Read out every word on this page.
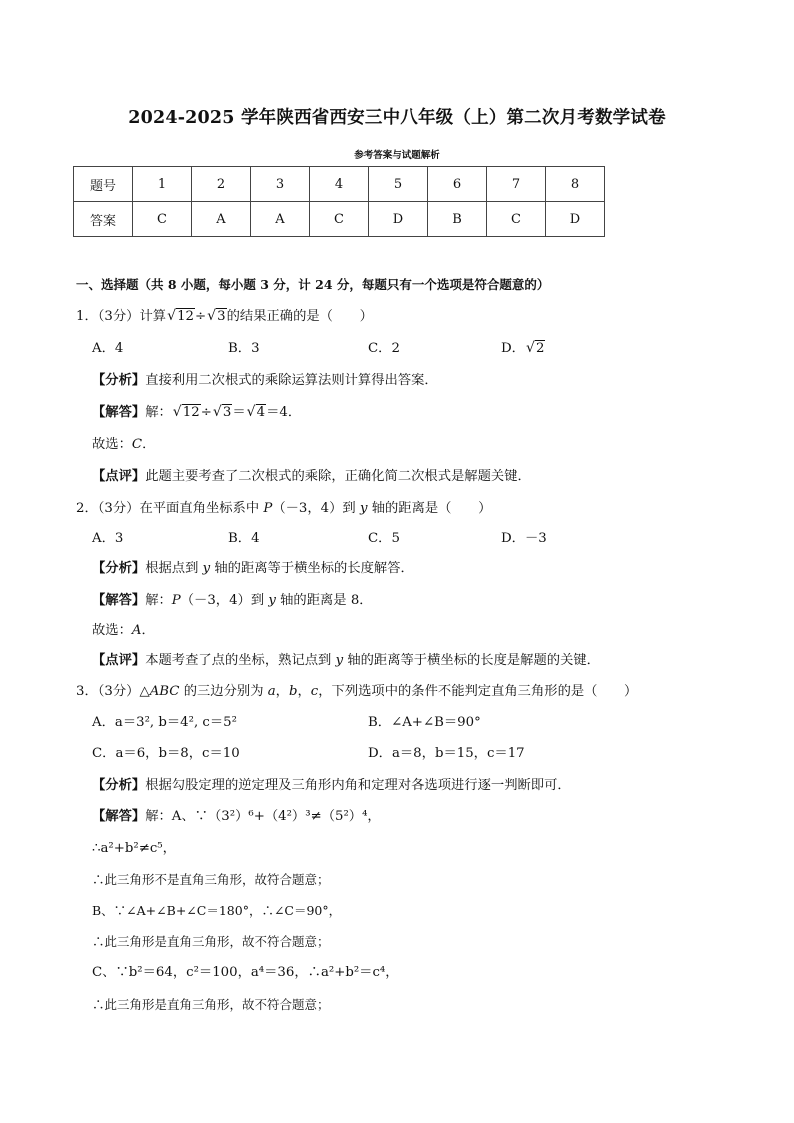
2024-2025 学年陕西省西安三中八年级（上）第二次月考数学试卷
参考答案与试题解析
题号	1	2	3	4	5	6	7	8
答案	C	A	A	C	D	B	C	D
一、选择题（共 8 小题，每小题 3 分，计 24 分，每题只有一个选项是符合题意的）
1．（3分）计算 √ 12÷ √ 3的结果正确的是（　　）
A．4	B．3	C．2	D． √ 2
【分析】直接利用二次根式的乘除运算法则计算得出答案．
【解答】解： √ 12÷ √ 3＝ √ 4＝4．
故选：C．
【点评】此题主要考查了二次根式的乘除，正确化简二次根式是解题关键．
2．（3分）在平面直角坐标系中 P（－3，4）到 y 轴的距离是（　　）
A．3	B．4	C．5	D．－3
【分析】根据点到 y 轴的距离等于横坐标的长度解答．
【解答】解：P（－3，4）到 y 轴的距离是 8．
故选：A．
【点评】本题考查了点的坐标，熟记点到 y 轴的距离等于横坐标的长度是解题的关键．
3．（3分）△ABC 的三边分别为 a，b，c，下列选项中的条件不能判定直角三角形的是（　　）
A．a＝3², b＝4², c＝5²	B．∠A+∠B＝90°
C．a＝6，b＝8，c＝10	D．a＝8，b＝15，c＝17
【分析】根据勾股定理的逆定理及三角形内角和定理对各选项进行逐一判断即可．
【解答】解：A、∵（3²）⁶+（4²）³≠（5²）⁴，
∴a²+b²≠c⁵，
∴此三角形不是直角三角形，故符合题意；
B、∵∠A+∠B+∠C＝180°，∴∠C＝90°，
∴此三角形是直角三角形，故不符合题意；
C、∵b²＝64，c²＝100，a⁴＝36，∴a²+b²＝c⁴，
∴此三角形是直角三角形，故不符合题意；
